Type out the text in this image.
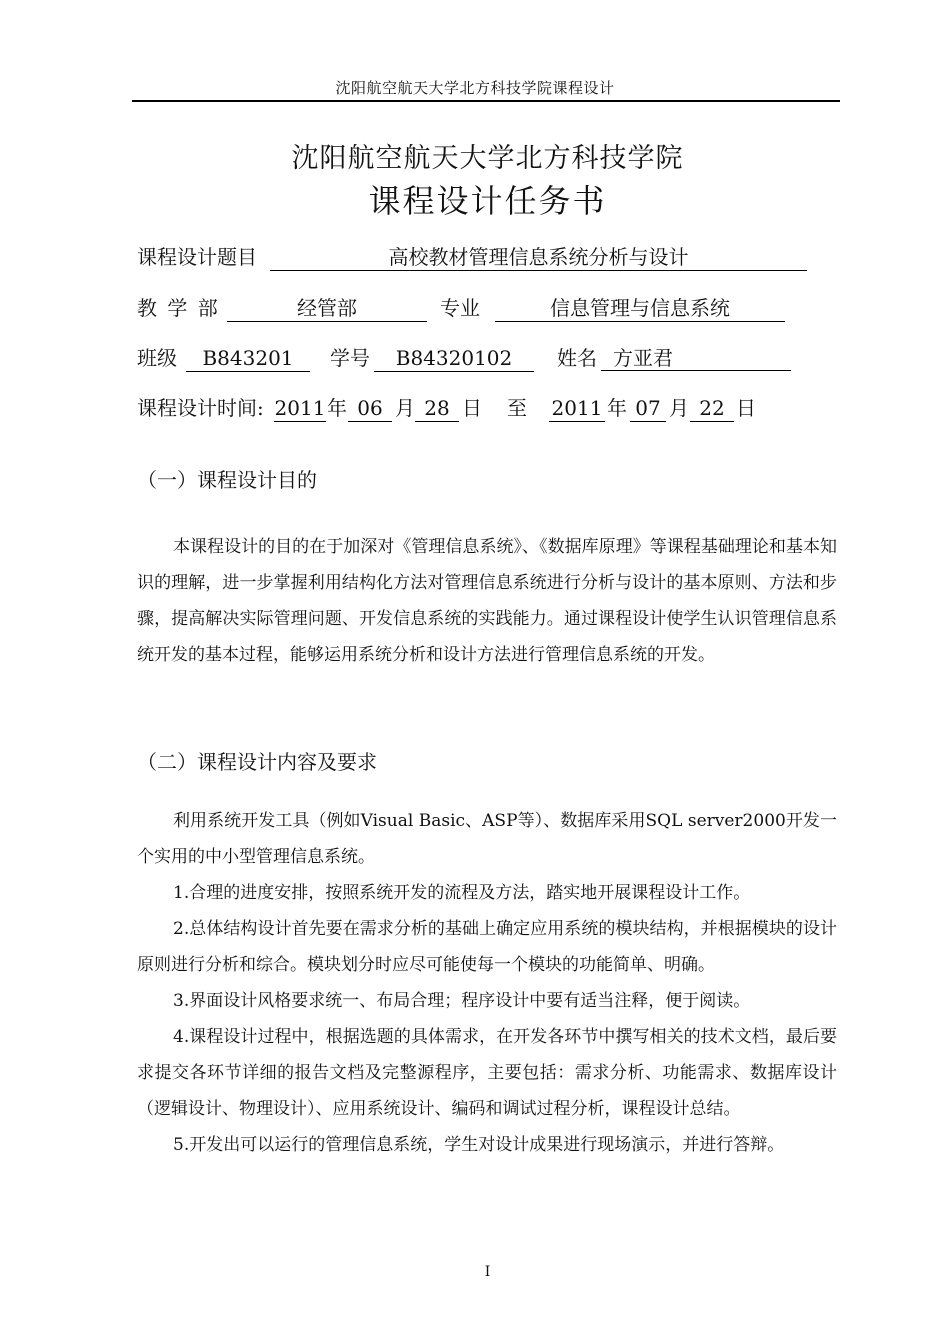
沈阳航空航天大学北方科技学院课程设计
沈阳航空航天大学北方科技学院
课程设计任务书
课程设计题目	高校教材管理信息系统分析与设计
教 学 部	经管部	专业	信息管理与信息系统
班级	B843201	学号	B84320102	姓名 方亚君
课程设计时间: 2011 年 06 月 28 日 至 2011 年 07 月 22 日
（一）课程设计目的

本课程设计的目的在于加深对《管理信息系统》、《数据库原理》等课程基础理论和基本知识的理解，进一步掌握利用结构化方法对管理信息系统进行分析与设计的基本原则、方法和步骤，提高解决实际管理问题、开发信息系统的实践能力。通过课程设计使学生认识管理信息系统开发的基本过程，能够运用系统分析和设计方法进行管理信息系统的开发。

（二）课程设计内容及要求

利用系统开发工具（例如Visual Basic、ASP等）、数据库采用SQL server2000开发一个实用的中小型管理信息系统。

1.合理的进度安排，按照系统开发的流程及方法，踏实地开展课程设计工作。

2.总体结构设计首先要在需求分析的基础上确定应用系统的模块结构，并根据模块的设计原则进行分析和综合。模块划分时应尽可能使每一个模块的功能简单、明确。

3.界面设计风格要求统一、布局合理；程序设计中要有适当注释，便于阅读。

4.课程设计过程中，根据选题的具体需求，在开发各环节中撰写相关的技术文档，最后要求提交各环节详细的报告文档及完整源程序，主要包括：需求分析、功能需求、数据库设计（逻辑设计、物理设计）、应用系统设计、编码和调试过程分析，课程设计总结。

5.开发出可以运行的管理信息系统，学生对设计成果进行现场演示，并进行答辩。

I
